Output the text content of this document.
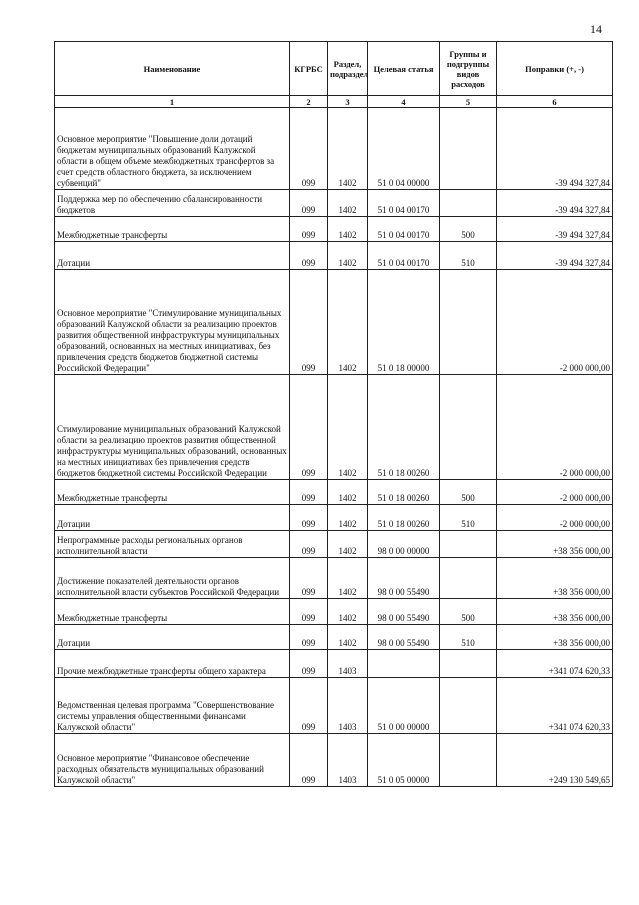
14
Наименование	КГРБС	Раздел, подраздел	Целевая статья	Группы и подгруппы видов расходов	Поправки (+, -)
1	2	3	4	5	6
Основное мероприятие "Повышение доли дотаций бюджетам муниципальных образований Калужской области в общем объеме межбюджетных трансфертов за счет средств областного бюджета, за исключением субвенций"	099	1402	51 0 04 00000		-39 494 327,84
Поддержка мер по обеспечению сбалансированности бюджетов	099	1402	51 0 04 00170		-39 494 327,84
Межбюджетные трансферты	099	1402	51 0 04 00170	500	-39 494 327,84
Дотации	099	1402	51 0 04 00170	510	-39 494 327,84
Основное мероприятие "Стимулирование муниципальных образований Калужской области за реализацию проектов развития общественной инфраструктуры муниципальных образований, основанных на местных инициативах, без привлечения средств бюджетов бюджетной системы Российской Федерации"	099	1402	51 0 18 00000		-2 000 000,00
Стимулирование муниципальных образований Калужской области за реализацию проектов развития общественной инфраструктуры муниципальных образований, основанных на местных инициативах без привлечения средств бюджетов бюджетной системы Российской Федерации	099	1402	51 0 18 00260		-2 000 000,00
Межбюджетные трансферты	099	1402	51 0 18 00260	500	-2 000 000,00
Дотации	099	1402	51 0 18 00260	510	-2 000 000,00
Непрограммные расходы региональных органов исполнительной власти	099	1402	98 0 00 00000		+38 356 000,00
Достижение показателей деятельности органов исполнительной власти субъектов Российской Федерации	099	1402	98 0 00 55490		+38 356 000,00
Межбюджетные трансферты	099	1402	98 0 00 55490	500	+38 356 000,00
Дотации	099	1402	98 0 00 55490	510	+38 356 000,00
Прочие межбюджетные трансферты общего характера	099	1403			+341 074 620,33
Ведомственная целевая программа "Совершенствование системы управления общественными финансами Калужской области"	099	1403	51 0 00 00000		+341 074 620,33
Основное мероприятие "Финансовое обеспечение расходных обязательств муниципальных образований Калужской области"	099	1403	51 0 05 00000		+249 130 549,65
